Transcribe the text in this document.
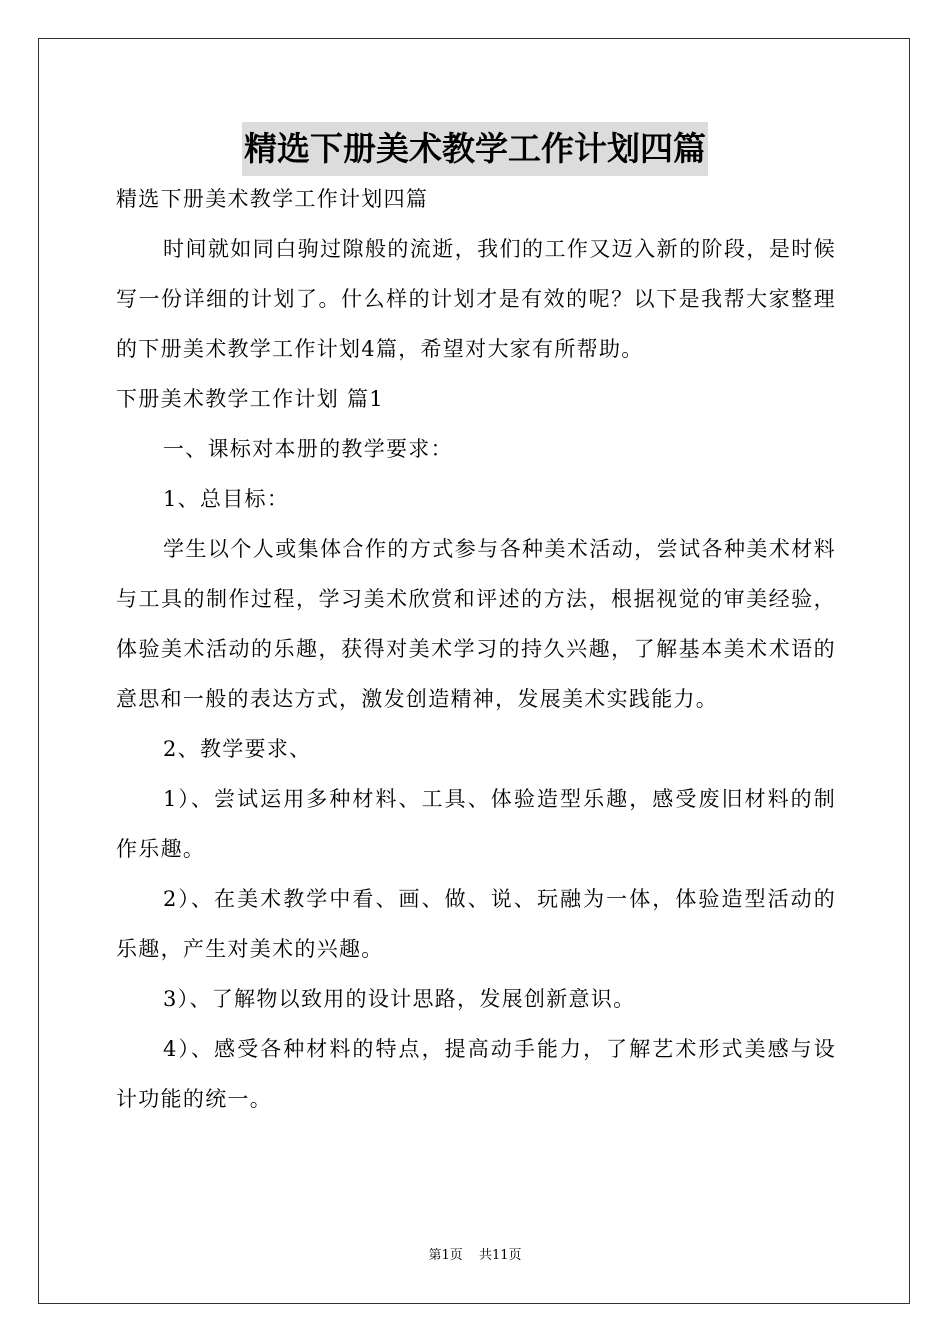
精选下册美术教学工作计划四篇

精选下册美术教学工作计划四篇

时间就如同白驹过隙般的流逝，我们的工作又迈入新的阶段，是时候写一份详细的计划了。什么样的计划才是有效的呢？以下是我帮大家整理的下册美术教学工作计划4篇，希望对大家有所帮助。

下册美术教学工作计划 篇1

一、课标对本册的教学要求：

1、总目标：

学生以个人或集体合作的方式参与各种美术活动，尝试各种美术材料与工具的制作过程，学习美术欣赏和评述的方法，根据视觉的审美经验，体验美术活动的乐趣，获得对美术学习的持久兴趣，了解基本美术术语的意思和一般的表达方式，激发创造精神，发展美术实践能力。

2、教学要求、

1）、尝试运用多种材料、工具、体验造型乐趣，感受废旧材料的制作乐趣。

2）、在美术教学中看、画、做、说、玩融为一体，体验造型活动的乐趣，产生对美术的兴趣。

3）、了解物以致用的设计思路，发展创新意识。

4）、感受各种材料的特点，提高动手能力，了解艺术形式美感与设计功能的统一。

第1页 共11页
